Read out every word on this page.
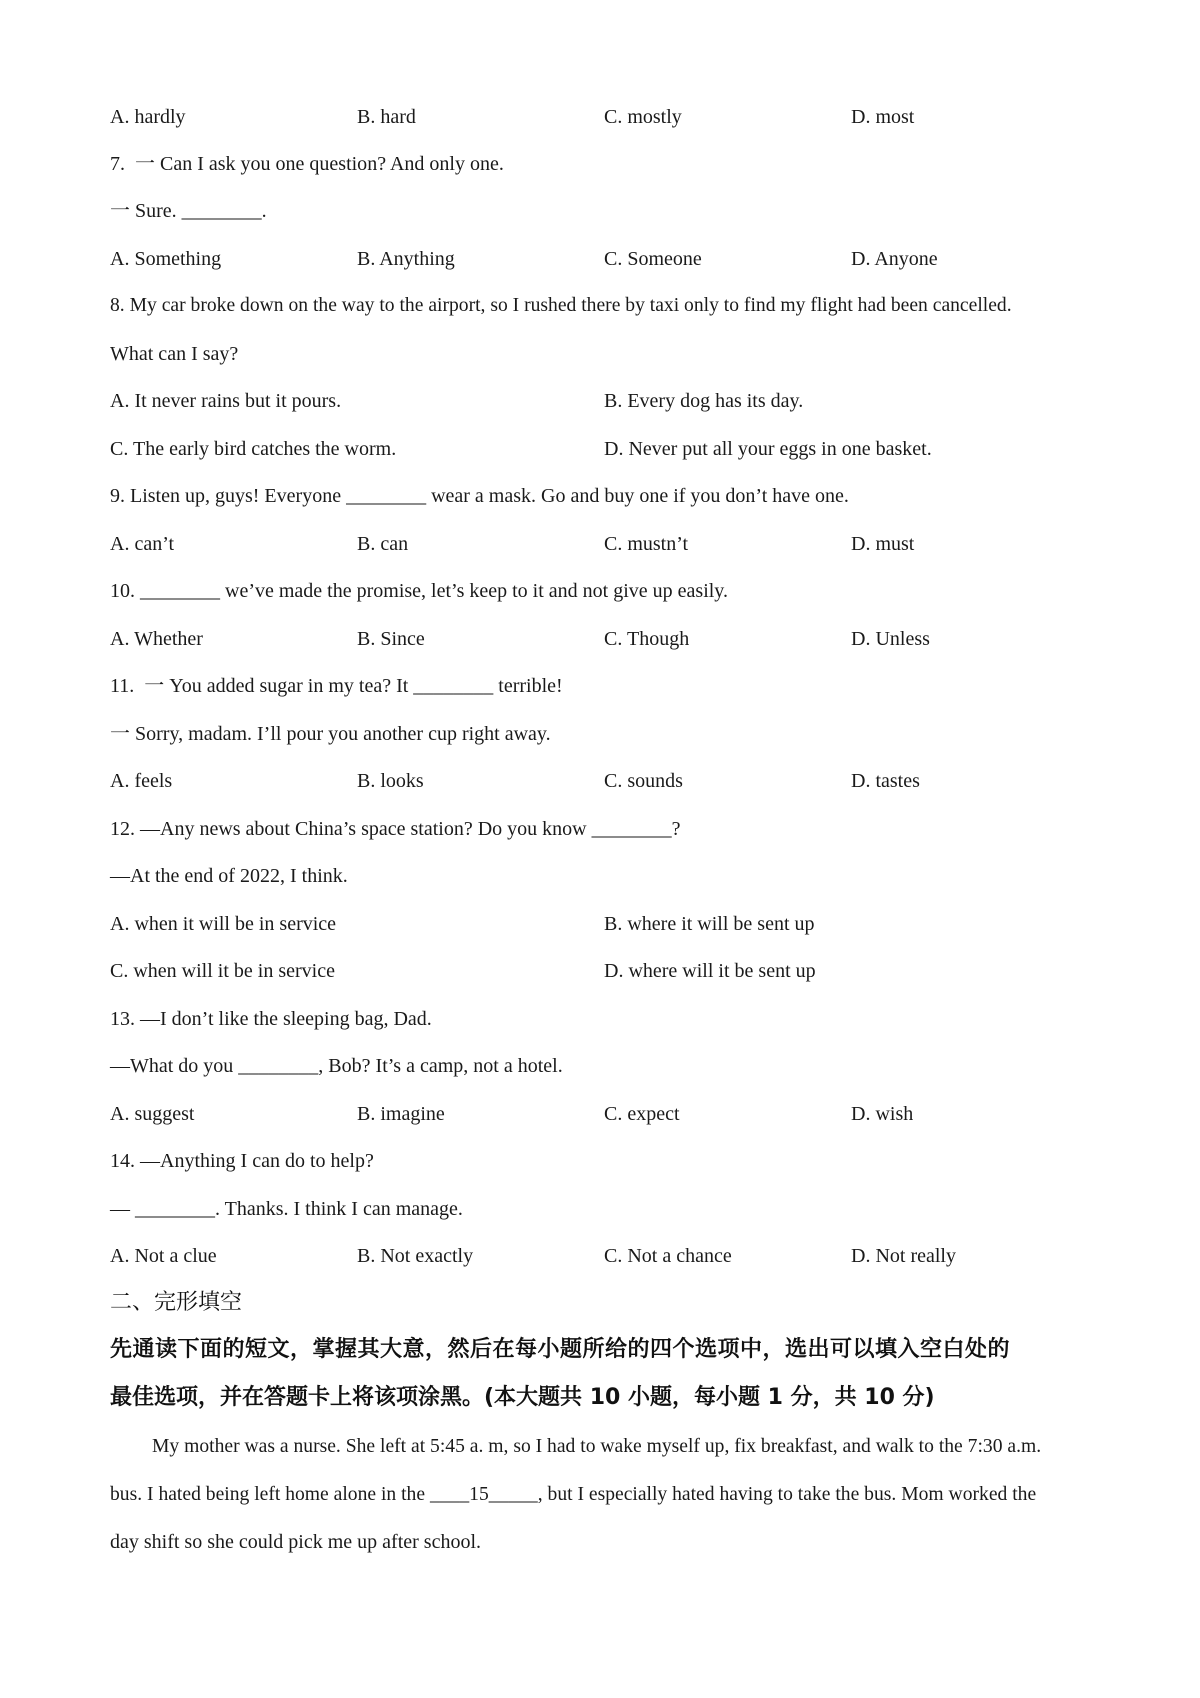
A. hardly	B. hard	C. mostly	D. most
7.  一 Can I ask you one question? And only one.
一 Sure. ________.
A. Something	B. Anything	C. Someone	D. Anyone
8. My car broke down on the way to the airport, so I rushed there by taxi only to find my flight had been cancelled.
What can I say?
A. It never rains but it pours.	B. Every dog has its day.
C. The early bird catches the worm.	D. Never put all your eggs in one basket.
9. Listen up, guys! Everyone ________ wear a mask. Go and buy one if you don’t have one.
A. can’t	B. can	C. mustn’t	D. must
10. ________ we’ve made the promise, let’s keep to it and not give up easily.
A. Whether	B. Since	C. Though	D. Unless
11.  一 You added sugar in my tea? It ________ terrible!
一 Sorry, madam. I’ll pour you another cup right away.
A. feels	B. looks	C. sounds	D. tastes
12. —Any news about China’s space station? Do you know ________?
—At the end of 2022, I think.
A. when it will be in service	B. where it will be sent up
C. when will it be in service	D. where will it be sent up
13. —I don’t like the sleeping bag, Dad.
—What do you ________, Bob? It’s a camp, not a hotel.
A. suggest	B. imagine	C. expect	D. wish
14. —Anything I can do to help?
— ________. Thanks. I think I can manage.
A. Not a clue	B. Not exactly	C. Not a chance	D. Not really
二、完形填空
先通读下面的短文，掌握其大意，然后在每小题所给的四个选项中，选出可以填入空白处的
最佳选项，并在答题卡上将该项涂黑。(本大题共 10 小题，每小题 1 分，共 10 分)
My mother was a nurse. She left at 5:45 a. m, so I had to wake myself up, fix breakfast, and walk to the 7:30 a.m.
bus. I hated being left home alone in the ____15_____, but I especially hated having to take the bus. Mom worked the
day shift so she could pick me up after school.
